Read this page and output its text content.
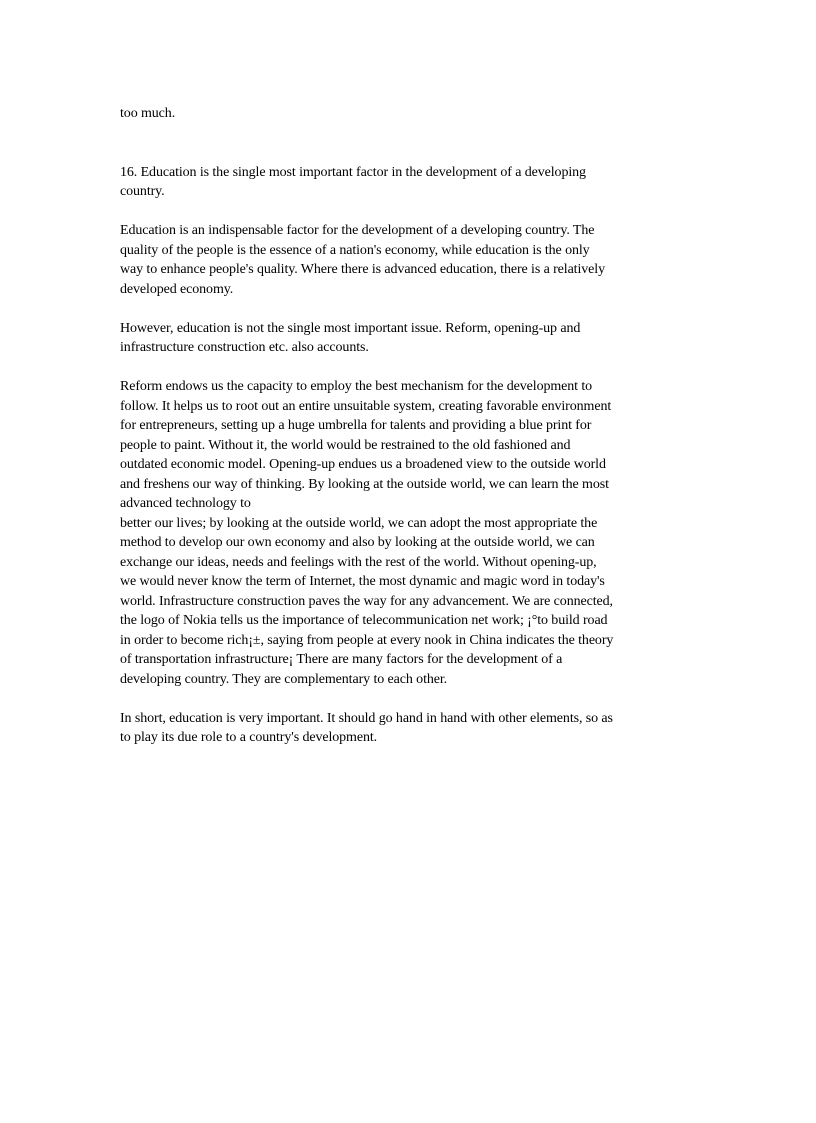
too much.
16. Education is the single most important factor in the development of a developing
country.
Education is an indispensable factor for the development of a developing country. The
quality of the people is the essence of a nation's economy, while education is the only
way to enhance people's quality. Where there is advanced education, there is a relatively
developed economy.
However, education is not the single most important issue. Reform, opening-up and
infrastructure construction etc. also accounts.
Reform endows us the capacity to employ the best mechanism for the development to
follow. It helps us to root out an entire unsuitable system, creating favorable environment
for entrepreneurs, setting up a huge umbrella for talents and providing a blue print for
people to paint. Without it, the world would be restrained to the old fashioned and
outdated economic model. Opening-up endues us a broadened view to the outside world
and freshens our way of thinking. By looking at the outside world, we can learn the most
advanced technology to
better our lives; by looking at the outside world, we can adopt the most appropriate the
method to develop our own economy and also by looking at the outside world, we can
exchange our ideas, needs and feelings with the rest of the world. Without opening-up,
we would never know the term of Internet, the most dynamic and magic word in today's
world. Infrastructure construction paves the way for any advancement. We are connected,
the logo of Nokia tells us the importance of telecommunication net work; ¡°to build road
in order to become rich¡±, saying from people at every nook in China indicates the theory
of transportation infrastructure¡ There are many factors for the development of a
developing country. They are complementary to each other.
In short, education is very important. It should go hand in hand with other elements, so as
to play its due role to a country's development.
